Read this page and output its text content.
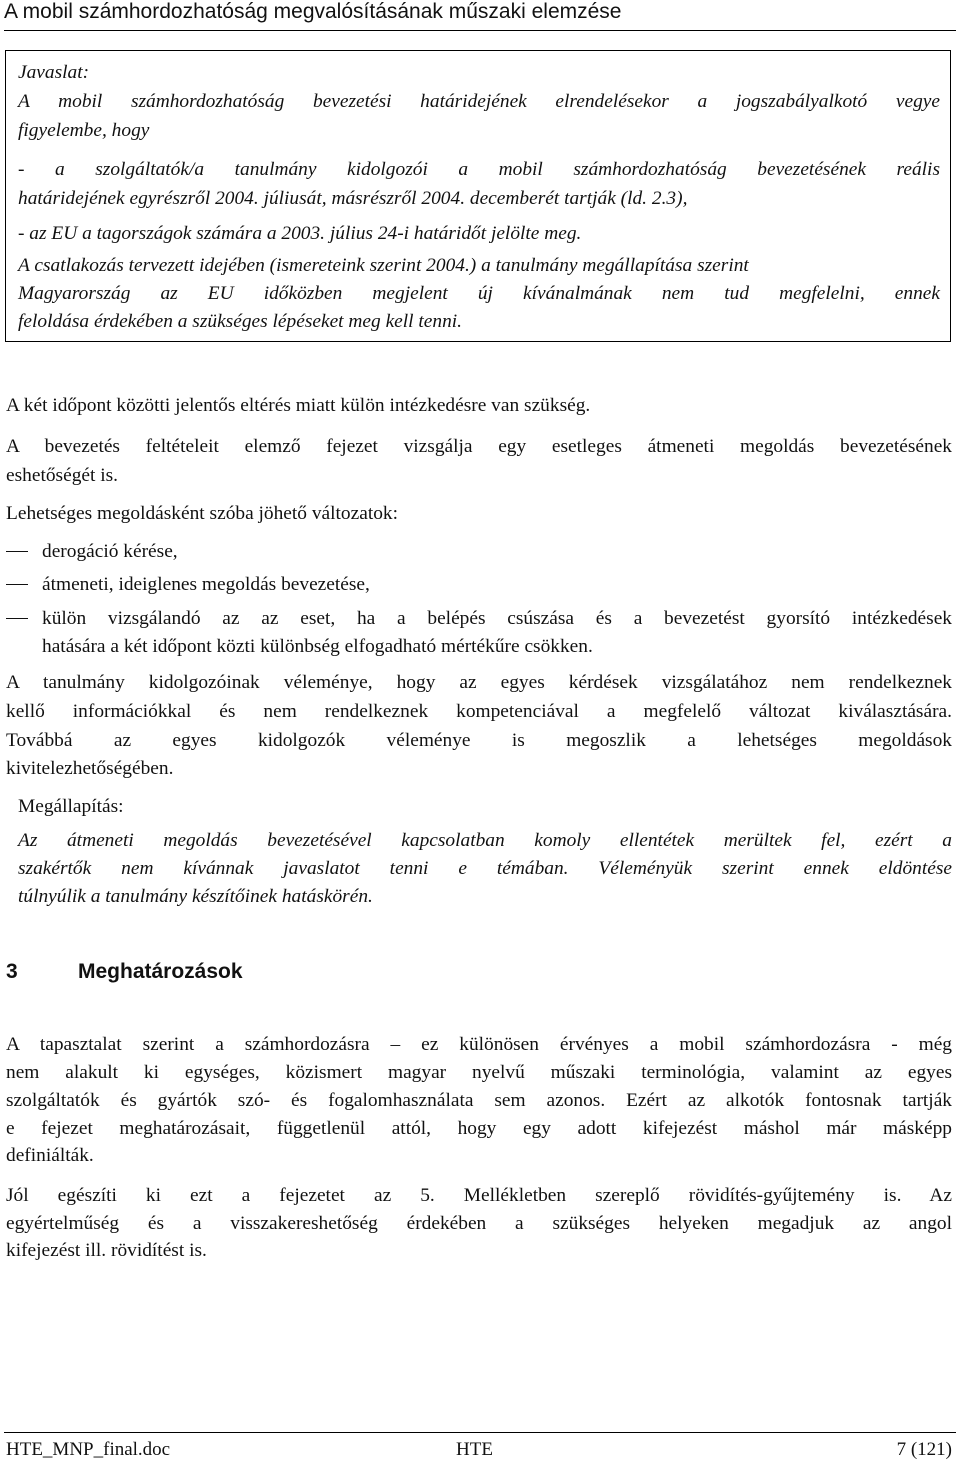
A mobil számhordozhatóság megvalósításának műszaki elemzése
Javaslat:
A mobil számhordozhatóság bevezetési határidejének elrendelésekor a jogszabályalkotó vegye
figyelembe, hogy
- a szolgáltatók/a tanulmány kidolgozói a mobil számhordozhatóság bevezetésének reális
határidejének egyrészről 2004. júliusát, másrészről 2004. decemberét tartják (ld. 2.3),
- az EU a tagországok számára a 2003. július 24-i határidőt jelölte meg.
A csatlakozás tervezett idejében (ismereteink szerint 2004.) a tanulmány megállapítása szerint
Magyarország az EU időközben megjelent új kívánalmának nem tud megfelelni, ennek
feloldása érdekében a szükséges lépéseket meg kell tenni.
A két időpont közötti jelentős eltérés miatt külön intézkedésre van szükség.
A bevezetés feltételeit elemző fejezet vizsgálja egy esetleges átmeneti megoldás bevezetésének
eshetőségét is.
Lehetséges megoldásként szóba jöhető változatok:
derogáció kérése,
átmeneti, ideiglenes megoldás bevezetése,
külön vizsgálandó az az eset, ha a belépés csúszása és a bevezetést gyorsító intézkedések
hatására a két időpont közti különbség elfogadható mértékűre csökken.
A tanulmány kidolgozóinak véleménye, hogy az egyes kérdések vizsgálatához nem rendelkeznek
kellő információkkal és nem rendelkeznek kompetenciával a megfelelő változat kiválasztására.
Továbbá az egyes kidolgozók véleménye is megoszlik a lehetséges megoldások
kivitelezhetőségében.
Megállapítás:
Az átmeneti megoldás bevezetésével kapcsolatban komoly ellentétek merültek fel, ezért a
szakértők nem kívánnak javaslatot tenni e témában. Véleményük szerint ennek eldöntése
túlnyúlik a tanulmány készítőinek hatáskörén.
3	Meghatározások
A tapasztalat szerint a számhordozásra – ez különösen érvényes a mobil számhordozásra - még
nem alakult ki egységes, közismert magyar nyelvű műszaki terminológia, valamint az egyes
szolgáltatók és gyártók szó- és fogalomhasználata sem azonos. Ezért az alkotók fontosnak tartják
e fejezet meghatározásait, függetlenül attól, hogy egy adott kifejezést máshol már másképp
definiálták.
Jól egészíti ki ezt a fejezetet az 5. Mellékletben szereplő rövidítés-gyűjtemény is. Az
egyértelműség és a visszakereshetőség érdekében a szükséges helyeken megadjuk az angol
kifejezést ill. rövidítést is.
HTE_MNP_final.doc	HTE	7 (121)
